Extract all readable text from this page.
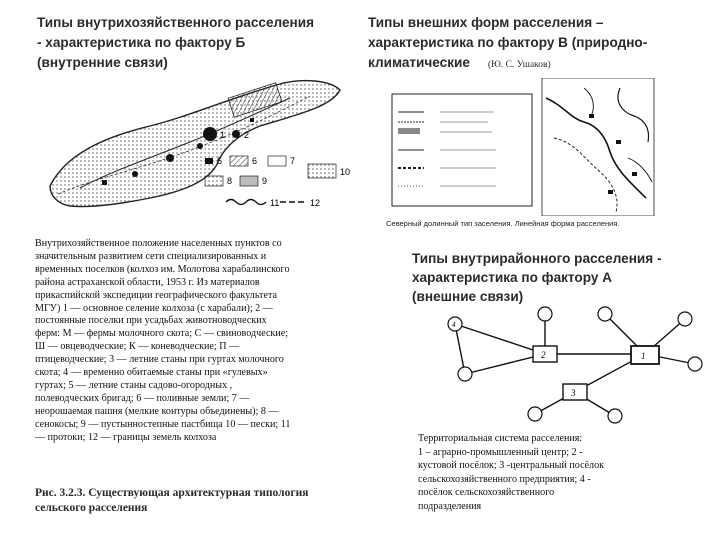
Типы внутрихозяйственного расселения
- характеристика по фактору Б
(внутренние связи)
Типы внешних форм расселения –
характеристика по фактору В (природно-
климатические (Ю. С. Ушаков)
1 2
5	6	7
8	9
10
11	12
Северный долинный тип заселения. Линейная форма расселения.
Внутрихозяйственное положение населенных пунктов со
значительным развитием сети специализированных и
временных поселков (колхоз им. Молотова харабалинского
района астраханской области, 1953 г. Из материалов
прикаспийской экспедиции географического факультета
МГУ) 1 — основное селение колхоза (с харабали); 2 —
постоянные поселки при усадьбах животноводческих
ферм: М — фермы молочного скота; С — свиноводческие;
Ш — овцеводческие; К — коневодческие; П —
птицеводческие; 3 — летние станы при гуртах молочного
скота; 4 — временно обитаемые станы при «гулевых»
гуртах; 5 — летние станы садово-огородных ,
полеводческих бригад; 6 — поливные земли; 7 —
неорошаемая пашня (мелкие контуры объединены); 8 —
сенокосы; 9 — пустынностепные пастбища 10 — пески; 11
— протоки; 12 — границы земель колхоза
Рис. 3.2.3. Существующая архитектурная типология
сельского расселения
Типы внутрирайонного расселения -
характеристика по фактору А
(внешние связи)
2	1
3
4
Территориальная система расселения:
1 – аграрно-промышленный центр; 2 -
кустовой посёлок; 3 -центральный посёлок
сельскохозяйственного предприятия; 4 -
посёлок сельскохозяйственного
подразделения
